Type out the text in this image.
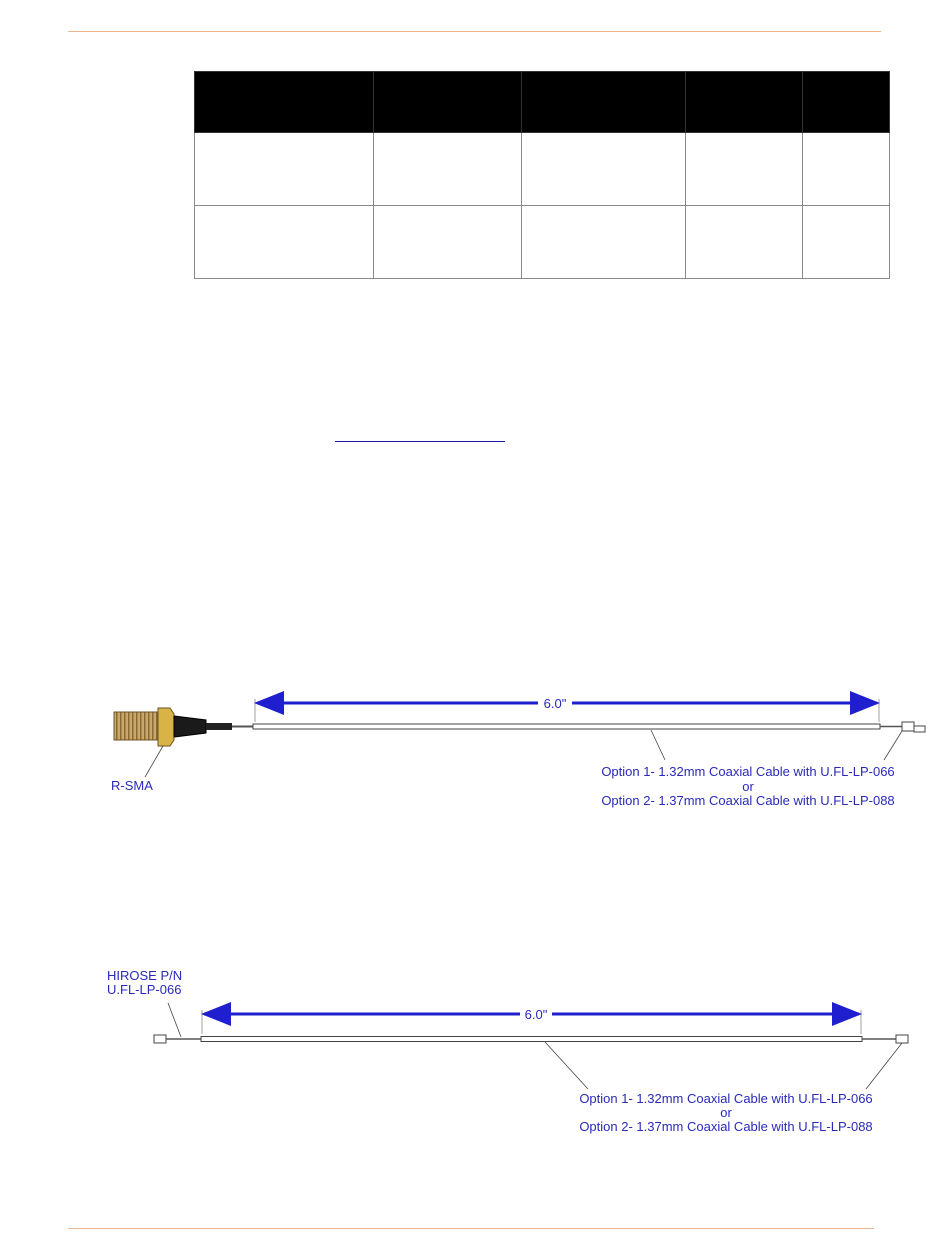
6.0"
R-SMA
Option 1- 1.32mm Coaxial Cable with U.FL-LP-066
or
Option 2- 1.37mm Coaxial Cable with U.FL-LP-088
6.0"
HIROSE P/N
U.FL-LP-066
Option 1- 1.32mm Coaxial Cable with U.FL-LP-066
or
Option 2- 1.37mm Coaxial Cable with U.FL-LP-088
